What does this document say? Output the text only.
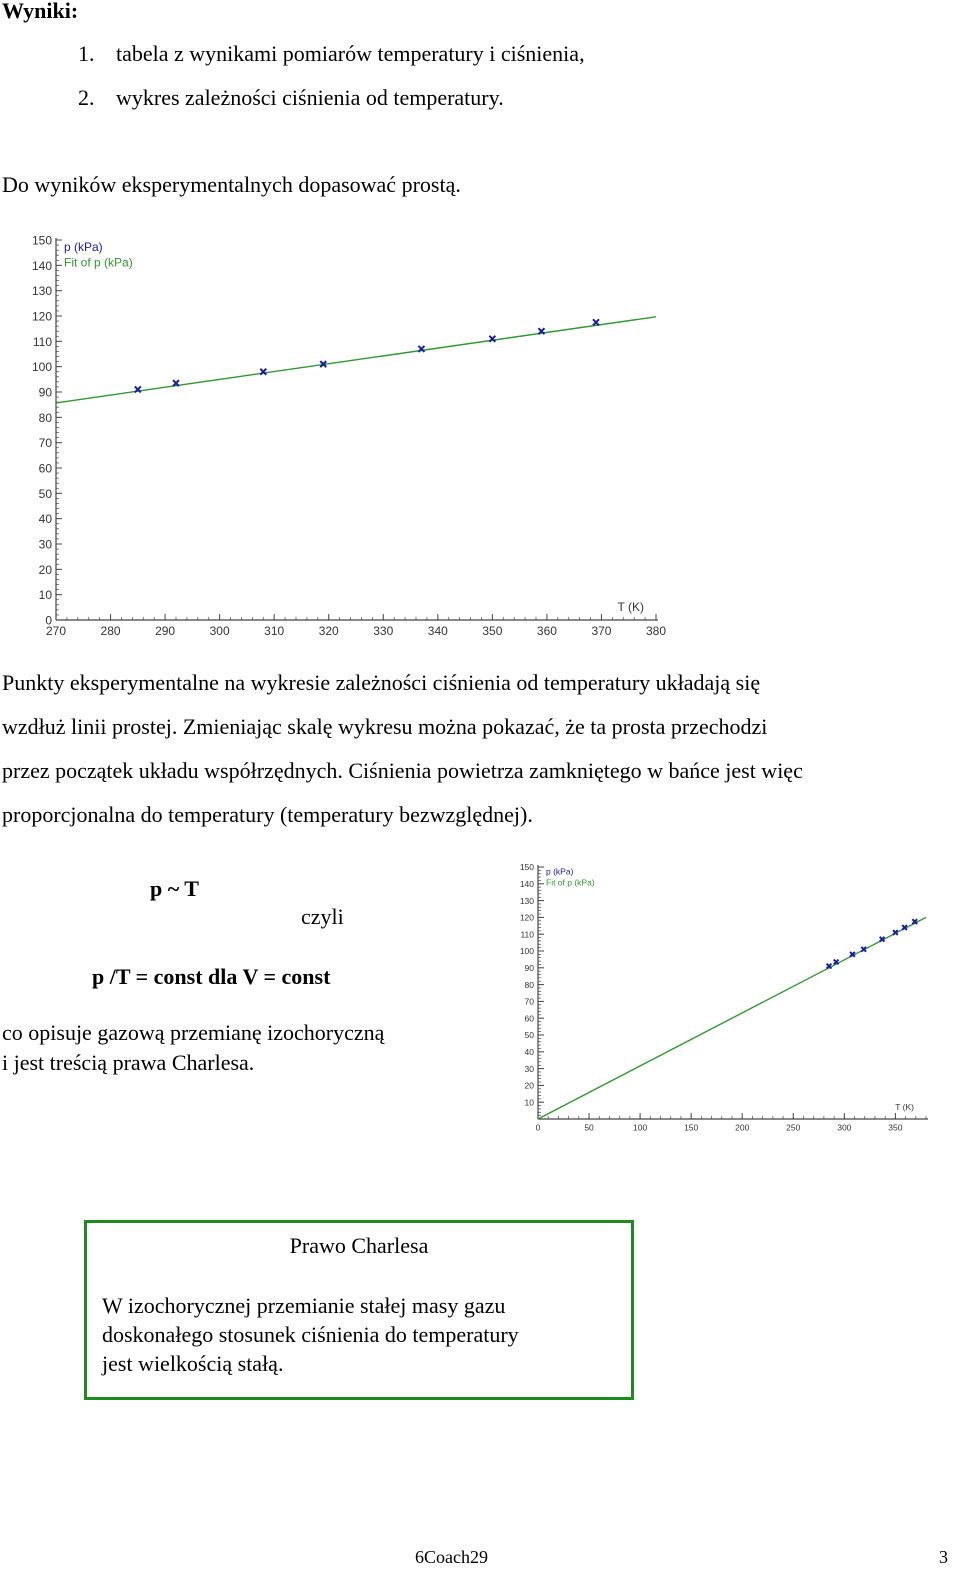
Wyniki:
1. tabela z wynikami pomiarów temperatury i ciśnienia,
2. wykres zależności ciśnienia od temperatury.
Do wyników eksperymentalnych dopasować prostą.
0
10
20
30
40
50
60
70
80
90
100
110
120
130
140
150
270	280	290	300	310	320	330	340	350	360	370	380
T (K)
p (kPa)
Fit of p (kPa)
Punkty eksperymentalne na wykresie zależności ciśnienia od temperatury układają się
wzdłuż linii prostej. Zmieniając skalę wykresu można pokazać, że ta prosta przechodzi
przez początek układu współrzędnych. Ciśnienia powietrza zamkniętego w bańce jest więc
proporcjonalna do temperatury (temperatury bezwzględnej).
p ~ T
czyli
p /T = const dla V = const
co opisuje gazową przemianę izochoryczną
i jest treścią prawa Charlesa.
10
20
30
40
50
60
70
80
90
100
110
120
130
140
150
0	50	100	150	200	250	300	350
T (K)
p (kPa)
Fit of p (kPa)
Prawo Charlesa
W izochorycznej przemianie stałej masy gazu
doskonałego stosunek ciśnienia do temperatury
jest wielkością stałą.
6Coach29	3
